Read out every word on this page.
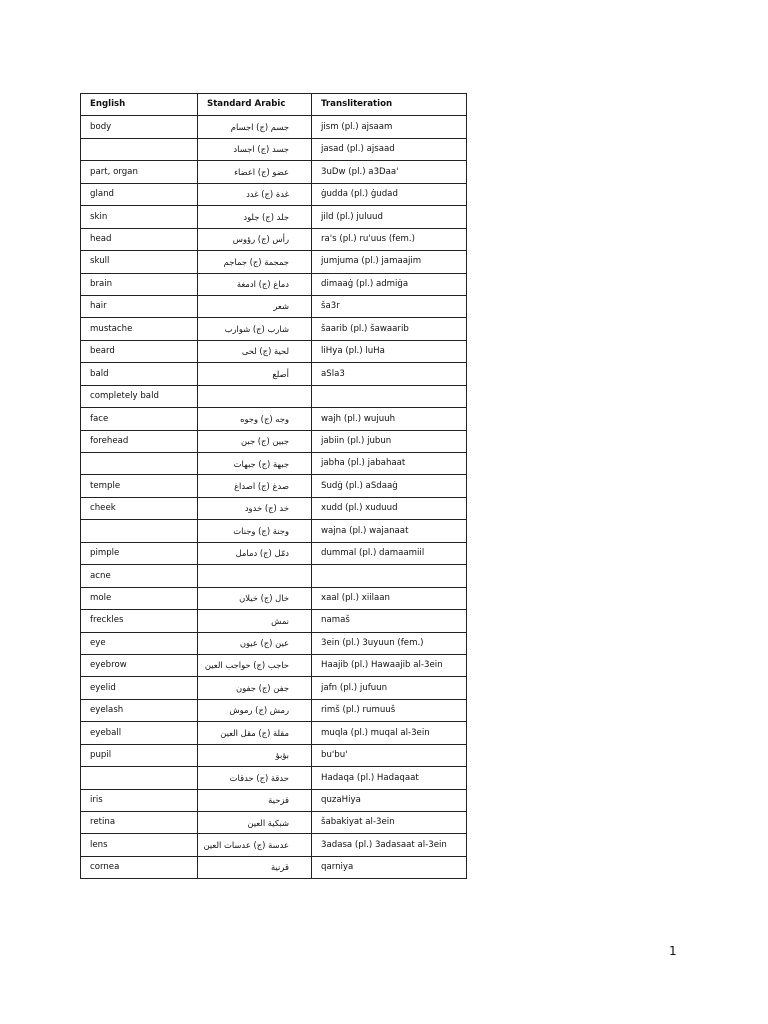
English	Standard Arabic	Transliteration
body	جسم (ج) اجسام	jism (pl.) ajsaam
	جسد (ج) اجساد	jasad (pl.) ajsaad
part, organ	عضو (ج) اعضاء	3uDw (pl.) a3Daa'
gland	غدة (ج) غدد	ġudda (pl.) ġudad
skin	جلد (ج) جلود	jild (pl.) juluud
head	رأس (ج) رؤوس	ra's (pl.) ru'uus (fem.)
skull	جمجمة (ج) جماجم	jumjuma (pl.) jamaajim
brain	دماغ (ج) ادمغة	dimaaġ (pl.) admiġa
hair	شعر	ša3r
mustache	شارب (ج) شوارب	šaarib (pl.) šawaarib
beard	لحية (ج) لحى	liHya (pl.) luHa
bald	أصلع	aSla3
completely bald		
face	وجه (ج) وجوه	wajh (pl.) wujuuh
forehead	جبين (ج) جبن	jabiin (pl.) jubun
	جبهة (ج) جبهات	jabha (pl.) jabahaat
temple	صدغ (ج) اصداغ	Sudġ (pl.) aSdaaġ
cheek	خد (ج) خدود	xudd (pl.) xuduud
	وجنة (ج) وجنات	wajna (pl.) wajanaat
pimple	دمّل (ج) دمامل	dummal (pl.) damaamiil
acne		
mole	خال (ج) خيلان	xaal (pl.) xiilaan
freckles	نمش	namaš
eye	عين (ج) عيون	3ein (pl.) 3uyuun (fem.)
eyebrow	حاجب (ج) حواجب العين	Haajib (pl.) Hawaajib al-3ein
eyelid	جفن (ج) جفون	jafn (pl.) jufuun
eyelash	رمش (ج) رموش	rimš (pl.) rumuuš
eyeball	مقلة (ج) مقل العين	muqla (pl.) muqal al-3ein
pupil	بؤبؤ	bu'bu'
	حدقة (ج) حدقات	Hadaqa (pl.) Hadaqaat
iris	قزحية	quzaHiya
retina	شبكية العين	šabakiyat al-3ein
lens	عدسة (ج) عدسات العين	3adasa (pl.) 3adasaat al-3ein
cornea	قرنية	qarniya
1
